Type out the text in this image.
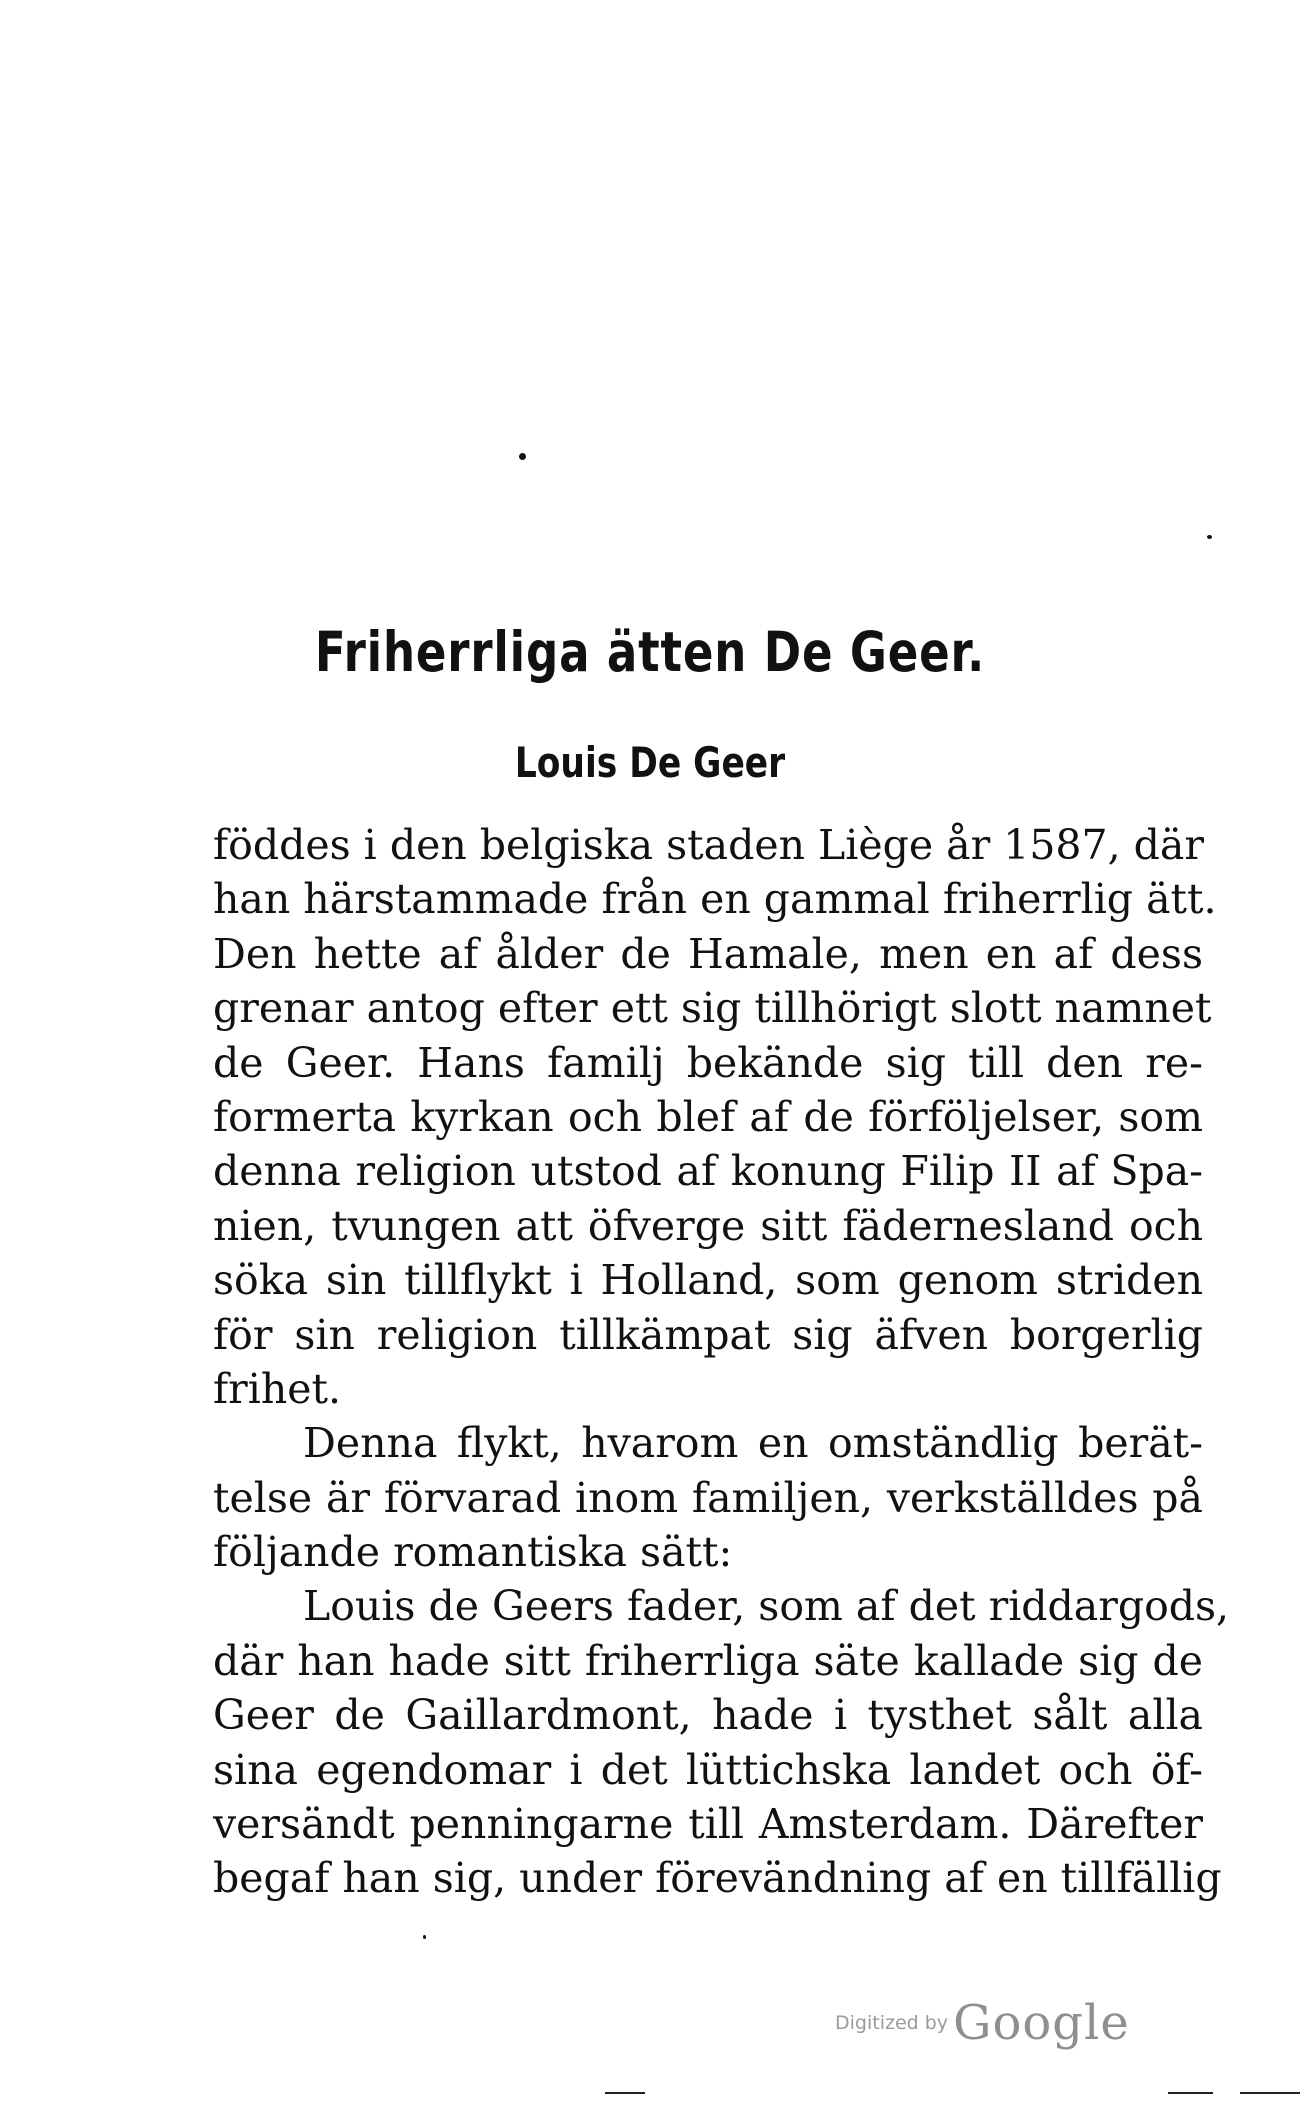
Friherrliga ätten De Geer.
Louis De Geer
föddes i den belgiska staden Liège år 1587, där
han härstammade från en gammal friherrlig ätt.
Den hette af ålder de Hamale, men en af dess
grenar antog efter ett sig tillhörigt slott namnet
de Geer. Hans familj bekände sig till den re-
formerta kyrkan och blef af de förföljelser, som
denna religion utstod af konung Filip II af Spa-
nien, tvungen att öfverge sitt fädernesland och
söka sin tillflykt i Holland, som genom striden
för sin religion tillkämpat sig äfven borgerlig
frihet.
Denna flykt, hvarom en omständlig berät-
telse är förvarad inom familjen, verkställdes på
följande romantiska sätt:
Louis de Geers fader, som af det riddargods,
där han hade sitt friherrliga säte kallade sig de
Geer de Gaillardmont, hade i tysthet sålt alla
sina egendomar i det lüttichska landet och öf-
versändt penningarne till Amsterdam. Därefter
begaf han sig, under förevändning af en tillfällig
Digitized by Google
